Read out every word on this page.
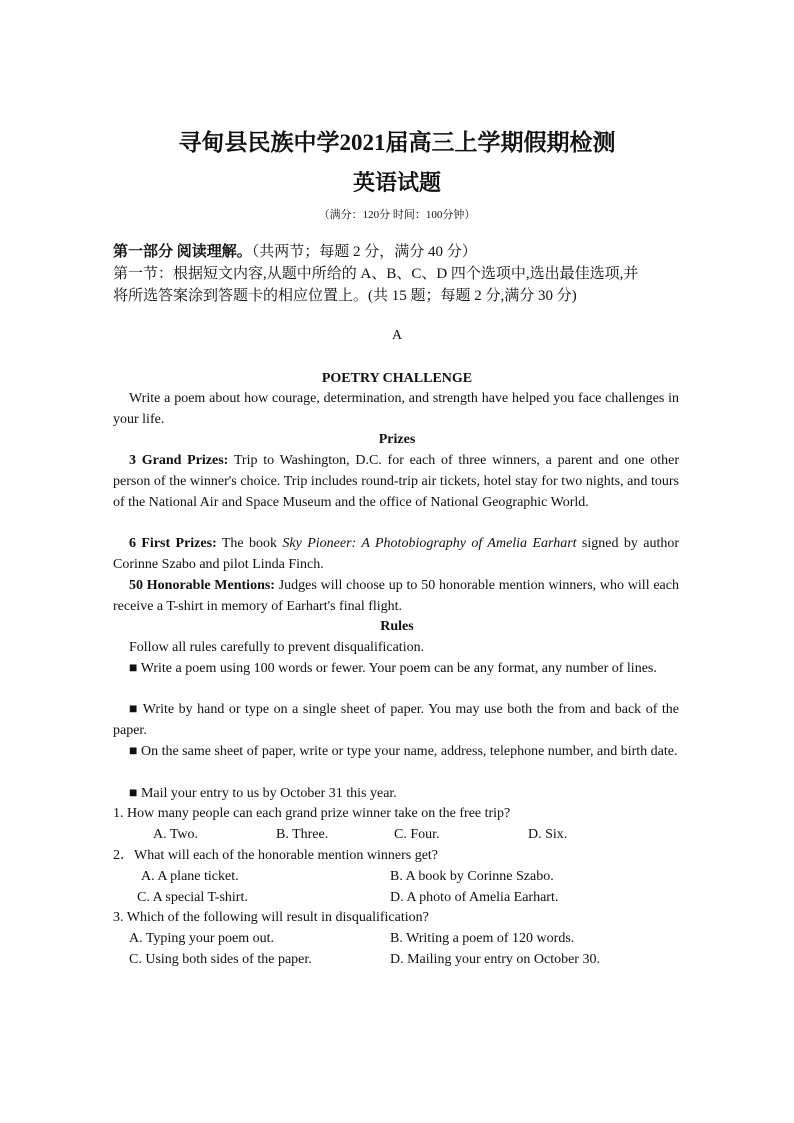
寻甸县民族中学2021届高三上学期假期检测
英语试题
（满分：120分 时间：100分钟）
第一部分 阅读理解。（共两节；每题 2 分，满分 40 分）
第一节：根据短文内容,从题中所给的 A、B、C、D 四个选项中,选出最佳选项,并
将所选答案涂到答题卡的相应位置上。(共 15 题；每题 2 分,满分 30 分)
A
POETRY CHALLENGE
Write a poem about how courage, determination, and strength have helped you face challenges in your life.
Prizes
3 Grand Prizes: Trip to Washington, D.C. for each of three winners, a parent and one other person of the winner's choice. Trip includes round-trip air tickets, hotel stay for two nights, and tours of the National Air and Space Museum and the office of National Geographic World.
6 First Prizes: The book Sky Pioneer: A Photobiography of Amelia Earhart signed by author Corinne Szabo and pilot Linda Finch.
50 Honorable Mentions: Judges will choose up to 50 honorable mention winners, who will each receive a T-shirt in memory of Earhart's final flight.
Rules
Follow all rules carefully to prevent disqualification.
■ Write a poem using 100 words or fewer. Your poem can be any format, any number of lines.
■ Write by hand or type on a single sheet of paper. You may use both the from and back of the paper.
■ On the same sheet of paper, write or type your name, address, telephone number, and birth date.
■ Mail your entry to us by October 31 this year.
1. How many people can each grand prize winner take on the free trip?
A. Two.	B. Three.	C. Four.	D. Six.
2．What will each of the honorable mention winners get?
A. A plane ticket.	B. A book by Corinne Szabo.
C. A special T-shirt.	D. A photo of Amelia Earhart.
3. Which of the following will result in disqualification?
A. Typing your poem out.	B. Writing a poem of 120 words.
C. Using both sides of the paper.	D. Mailing your entry on October 30.
